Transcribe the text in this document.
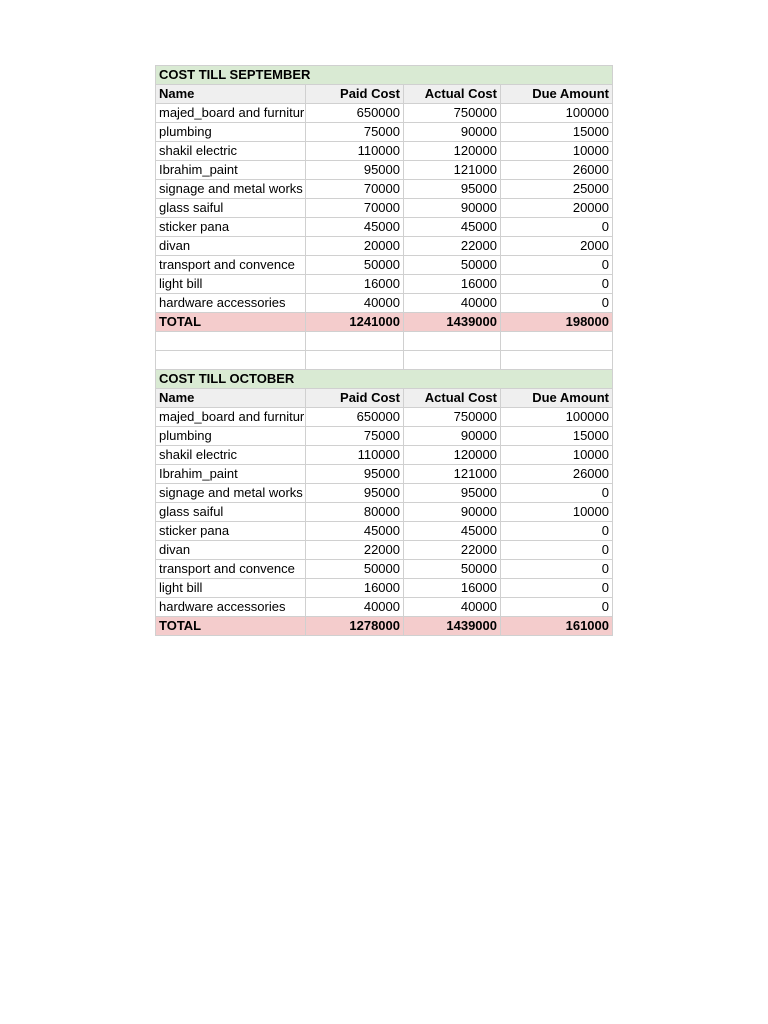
COST TILL SEPTEMBER			
Name	Paid Cost	Actual Cost	Due Amount
majed_board and furnitur	650000	750000	100000
plumbing	75000	90000	15000
shakil electric	110000	120000	10000
Ibrahim_paint	95000	121000	26000
signage and metal works	70000	95000	25000
glass saiful	70000	90000	20000
sticker pana	45000	45000	0
divan	20000	22000	2000
transport and convence	50000	50000	0
light bill	16000	16000	0
hardware accessories	40000	40000	0
TOTAL	1241000	1439000	198000

COST TILL OCTOBER			
Name	Paid Cost	Actual Cost	Due Amount
majed_board and furnitur	650000	750000	100000
plumbing	75000	90000	15000
shakil electric	110000	120000	10000
Ibrahim_paint	95000	121000	26000
signage and metal works	95000	95000	0
glass saiful	80000	90000	10000
sticker pana	45000	45000	0
divan	22000	22000	0
transport and convence	50000	50000	0
light bill	16000	16000	0
hardware accessories	40000	40000	0
TOTAL	1278000	1439000	161000
